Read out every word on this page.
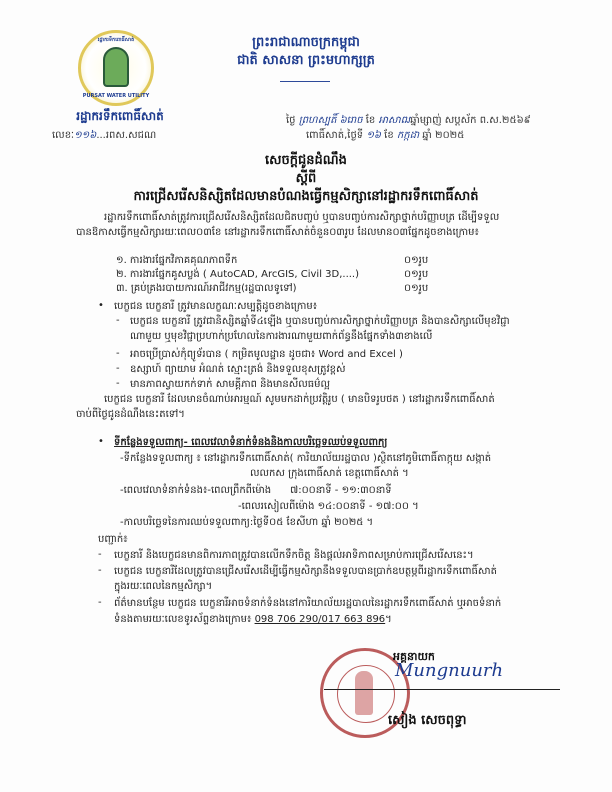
ព្រះរាជាណាចក្រកម្ពុជា
ជាតិ សាសនា ព្រះមហាក្សត្រ
រដ្ឋាករទឹកពោធិ៍សាត់
PURSAT WATER UTILITY
រដ្ឋាករទឹកពោធិ៍សាត់
លេខៈ១១៦...រពស.សជណ
ថ្ងៃ ព្រហស្បតិ៍ ៦រោច ខែ អាសាឍឆ្នាំម្សាញ់ សប្តស័ក ព.ស.២៥៦៩
ពោធិ៍សាត់,ថ្ងៃទី ១៦ ខែ កក្កដា ឆ្នាំ ២០២៥
សេចក្តីជូនដំណឹង
ស្តីពី
ការជ្រើសរើសនិស្សិតដែលមានបំណងធ្វើកម្មសិក្សានៅរដ្ឋាករទឹកពោធិ៍សាត់
រដ្ឋាករទឹកពោធិ៍សាត់ត្រូវការជ្រើសរើសនិស្សិតដែលជិតបញ្ចប់ ឬបានបញ្ចប់ការសិក្សាថ្នាក់បរិញ្ញាបត្រ ដើម្បីទទួល
បានឱកាសធ្វើកម្មសិក្សារយៈពេល០៣ខែ នៅរដ្ឋាករទឹកពោធិ៍សាត់ចំនួន០៣រូប ដែលមាន០៣ផ្នែកដូចខាងក្រោម៖
១. ការងារផ្នែកវិភាគគុណភាពទឹក	០១រូប
២. ការងារផ្នែកគូសប្លង់ ( AutoCAD, ArcGIS, Civil 3D,....)	០១រូប
៣. គ្រប់គ្រងរបាយការណ៍អាជីវកម្ម(រដ្ឋបាលទូទៅ)	០១រូប
• បេក្ខជន បេក្ខនារី ត្រូវមានលក្ខណៈសម្បត្តិដូចខាងក្រោម៖
- បេក្ខជន បេក្ខនារី ត្រូវជានិស្សិតឆ្នាំទី៤ឡើង ឬបានបញ្ចប់ការសិក្សាថ្នាក់បរិញ្ញាបត្រ និងបានសិក្សាលើមុខវិជ្ជា
ណាមួយ ឬមុខវិជ្ជាប្រហាក់ប្រហែលនៃការងារណាមួយពាក់ព័ន្ធនឹងផ្នែកទាំង៣ខាងលើ
- អាចប្រើប្រាស់កុំព្យូទ័របាន ( កម្រិតមូលដ្ឋាន ដូចជា៖ Word and Excel )
- ឧស្សាហ៍ ព្យាយាម អំណត់ ស្មោះត្រង់ និងទទួលខុសត្រូវខ្ពស់
- មានភាពស្វាយកក់ទាក់ សាមគ្គីភាព និងមានសីលធម៌ល្អ
បេក្ខជន បេក្ខនារី ដែលមានចំណាប់អារម្មណ៍ សូមមកដាក់ប្រវត្តិរូប ( មានបិទរូបថត ) នៅរដ្ឋាករទឹកពោធិ៍សាត់
ចាប់ពីថ្ងៃជូនដំណឹងនេះតទៅ។
• ទីកន្លែងទទួលពាក្យ- ពេលវេលាទំនាក់ទំនងនិងកាលបរិច្ឆេទឈប់ទទួលពាក្យ
-ទីកន្លែងទទួលពាក្យ ៖ នៅរដ្ឋាករទឹកពោធិ៍សាត់( ការិយាល័យរដ្ឋបាល )ស្ថិតនៅភូមិពោធិ៍តាក្កុយ សង្កាត់
លលកស ក្រុងពោធិ៍សាត់ ខេត្តពោធិ៍សាត់ ។
-ពេលវេលាទំនាក់ទំនង៖-ពេលព្រឹកពីម៉ោង ៧:០០នាទី - ១១:៣០នាទី
-ពេលរសៀលពីម៉ោង ១៤:០០នាទី - ១៧:០០ ។
-កាលបរិច្ឆេទនៃការឈប់ទទួលពាក្យ:ថ្ងៃទី០៥ ខែសីហា ឆ្នាំ ២០២៥ ។
បញ្ជាក់៖
- បេក្ខនារី និងបេក្ខជនមានពិការភាពត្រូវបានលើកទឹកចិត្ត និងផ្តល់អាទិភាពសម្រាប់ការជ្រើសរើសនេះ។
- បេក្ខជន បេក្ខនារីដែលត្រូវបានជ្រើសរើសដើម្បីធ្វើកម្មសិក្សានឹងទទួលបានប្រាក់ឧបត្ថម្ភពីរដ្ឋាករទឹកពោធិ៍សាត់
ក្នុងរយៈពេលនៃកម្មសិក្សា។
- ព័ត៌មានបន្ថែម បេក្ខជន បេក្ខនារីអាចទំនាក់ទំនងនៅការិយាល័យរដ្ឋបាលនៃរដ្ឋាករទឹកពោធិ៍សាត់ ឬអាចទំនាក់
ទំនងតាមរយៈលេខទូរស័ព្ទខាងក្រោម៖ 098 706 290/017 663 896។
អគ្គនាយក
Mungnuurh
សៀង សេចពុទ្ធា
